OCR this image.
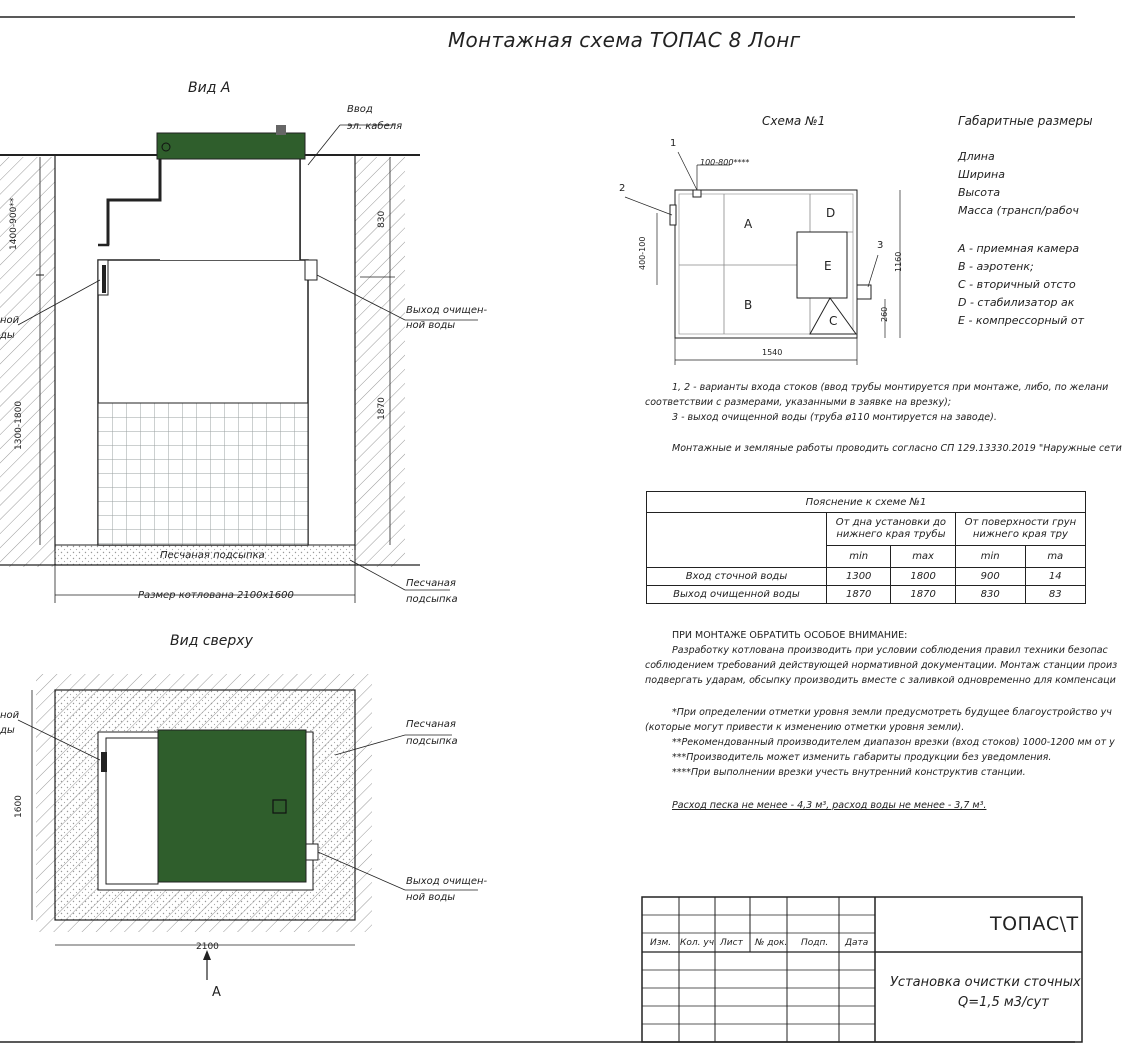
Монтажная схема ТОПАС 8 Лонг
Вид А
Ввод
эл. кабеля
Выход очищен-
ной воды
ной
ды
Песчаная подсыпка
Песчаная
подсыпка
Размер котлована 2100х1600
1400-900**
1300-1800
830
1870
Вид сверху
Песчаная
подсыпка
Выход очищен-
ной воды
ной
ды
2100
1600
А
Схема №1
1
2
3
100-800****
400-100	1160
260
1540
A
B
D
E
C
Габаритные размеры
Длина
Ширина
Высота
Масса (трансп/рабоч
А - приемная камера
В - аэротенк;
С - вторичный отсто
D - стабилизатор ак
Е - компрессорный от
1, 2 - варианты входа стоков (ввод трубы монтируется при монтаже, либо, по желани
соответствии с размерами, указанными в заявке на врезку);
3 - выход очищенной воды (труба ø110 монтируется на заводе).
Монтажные и земляные работы проводить согласно СП 129.13330.2019 "Наружные сети
Пояснение к схеме №1				
	От дна установки до
нижнего края трубы		От поверхности грун
нижнего края тру	
	min	max	min	ma
Вход сточной воды	1300	1800	900	14
Выход очищенной воды	1870	1870	830	83
ПРИ МОНТАЖЕ ОБРАТИТЬ ОСОБОЕ ВНИМАНИЕ:
Разработку котлована производить при условии соблюдения правил техники безопас
соблюдением требований действующей нормативной документации. Монтаж станции произ
подвергать ударам, обсыпку производить вместе с заливкой одновременно для компенсаци
*При определении отметки уровня земли предусмотреть будущее благоустройство уч
(которые могут привести к изменению отметки уровня земли).
**Рекомендованный производителем диапазон врезки (вход стоков) 1000-1200 мм от у
***Производитель может изменить габариты продукции без уведомления.
****При выполнении врезки учесть внутренний конструктив станции.
Расход песка не менее - 4,3 м³, расход воды не менее - 3,7 м³.
Изм. Кол. уч. Лист № док. Подп. Дата
ТОПАС\Т
Установка очистки сточных
Q=1,5 м3/сут
